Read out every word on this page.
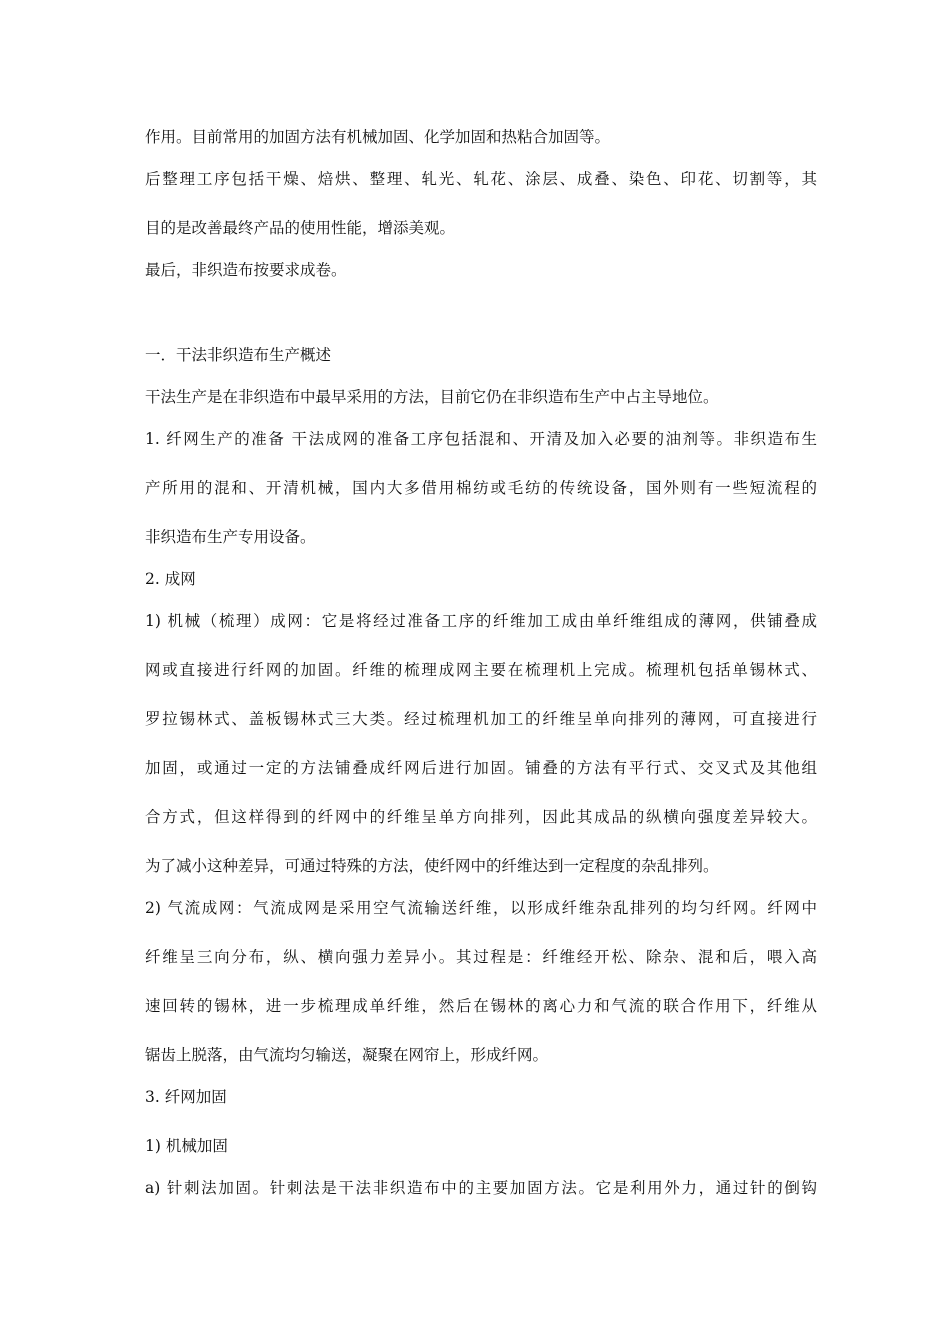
作用。目前常用的加固方法有机械加固、化学加固和热粘合加固等。

后整理工序包括干燥、焙烘、整理、轧光、轧花、涂层、成叠、染色、印花、切割等，其

目的是改善最终产品的使用性能，增添美观。

最后，非织造布按要求成卷。

一．干法非织造布生产概述

干法生产是在非织造布中最早采用的方法，目前它仍在非织造布生产中占主导地位。

1. 纤网生产的准备 干法成网的准备工序包括混和、开清及加入必要的油剂等。非织造布生

产所用的混和、开清机械，国内大多借用棉纺或毛纺的传统设备，国外则有一些短流程的

非织造布生产专用设备。

2. 成网

1) 机械（梳理）成网：它是将经过准备工序的纤维加工成由单纤维组成的薄网，供铺叠成

网或直接进行纤网的加固。纤维的梳理成网主要在梳理机上完成。梳理机包括单锡林式、

罗拉锡林式、盖板锡林式三大类。经过梳理机加工的纤维呈单向排列的薄网，可直接进行

加固，或通过一定的方法铺叠成纤网后进行加固。铺叠的方法有平行式、交叉式及其他组

合方式，但这样得到的纤网中的纤维呈单方向排列，因此其成品的纵横向强度差异较大。

为了减小这种差异，可通过特殊的方法，使纤网中的纤维达到一定程度的杂乱排列。

2) 气流成网：气流成网是采用空气流输送纤维，以形成纤维杂乱排列的均匀纤网。纤网中

纤维呈三向分布，纵、横向强力差异小。其过程是：纤维经开松、除杂、混和后，喂入高

速回转的锡林，进一步梳理成单纤维，然后在锡林的离心力和气流的联合作用下，纤维从

锯齿上脱落，由气流均匀输送，凝聚在网帘上，形成纤网。

3. 纤网加固

1) 机械加固

a) 针刺法加固。针刺法是干法非织造布中的主要加固方法。它是利用外力，通过针的倒钩
